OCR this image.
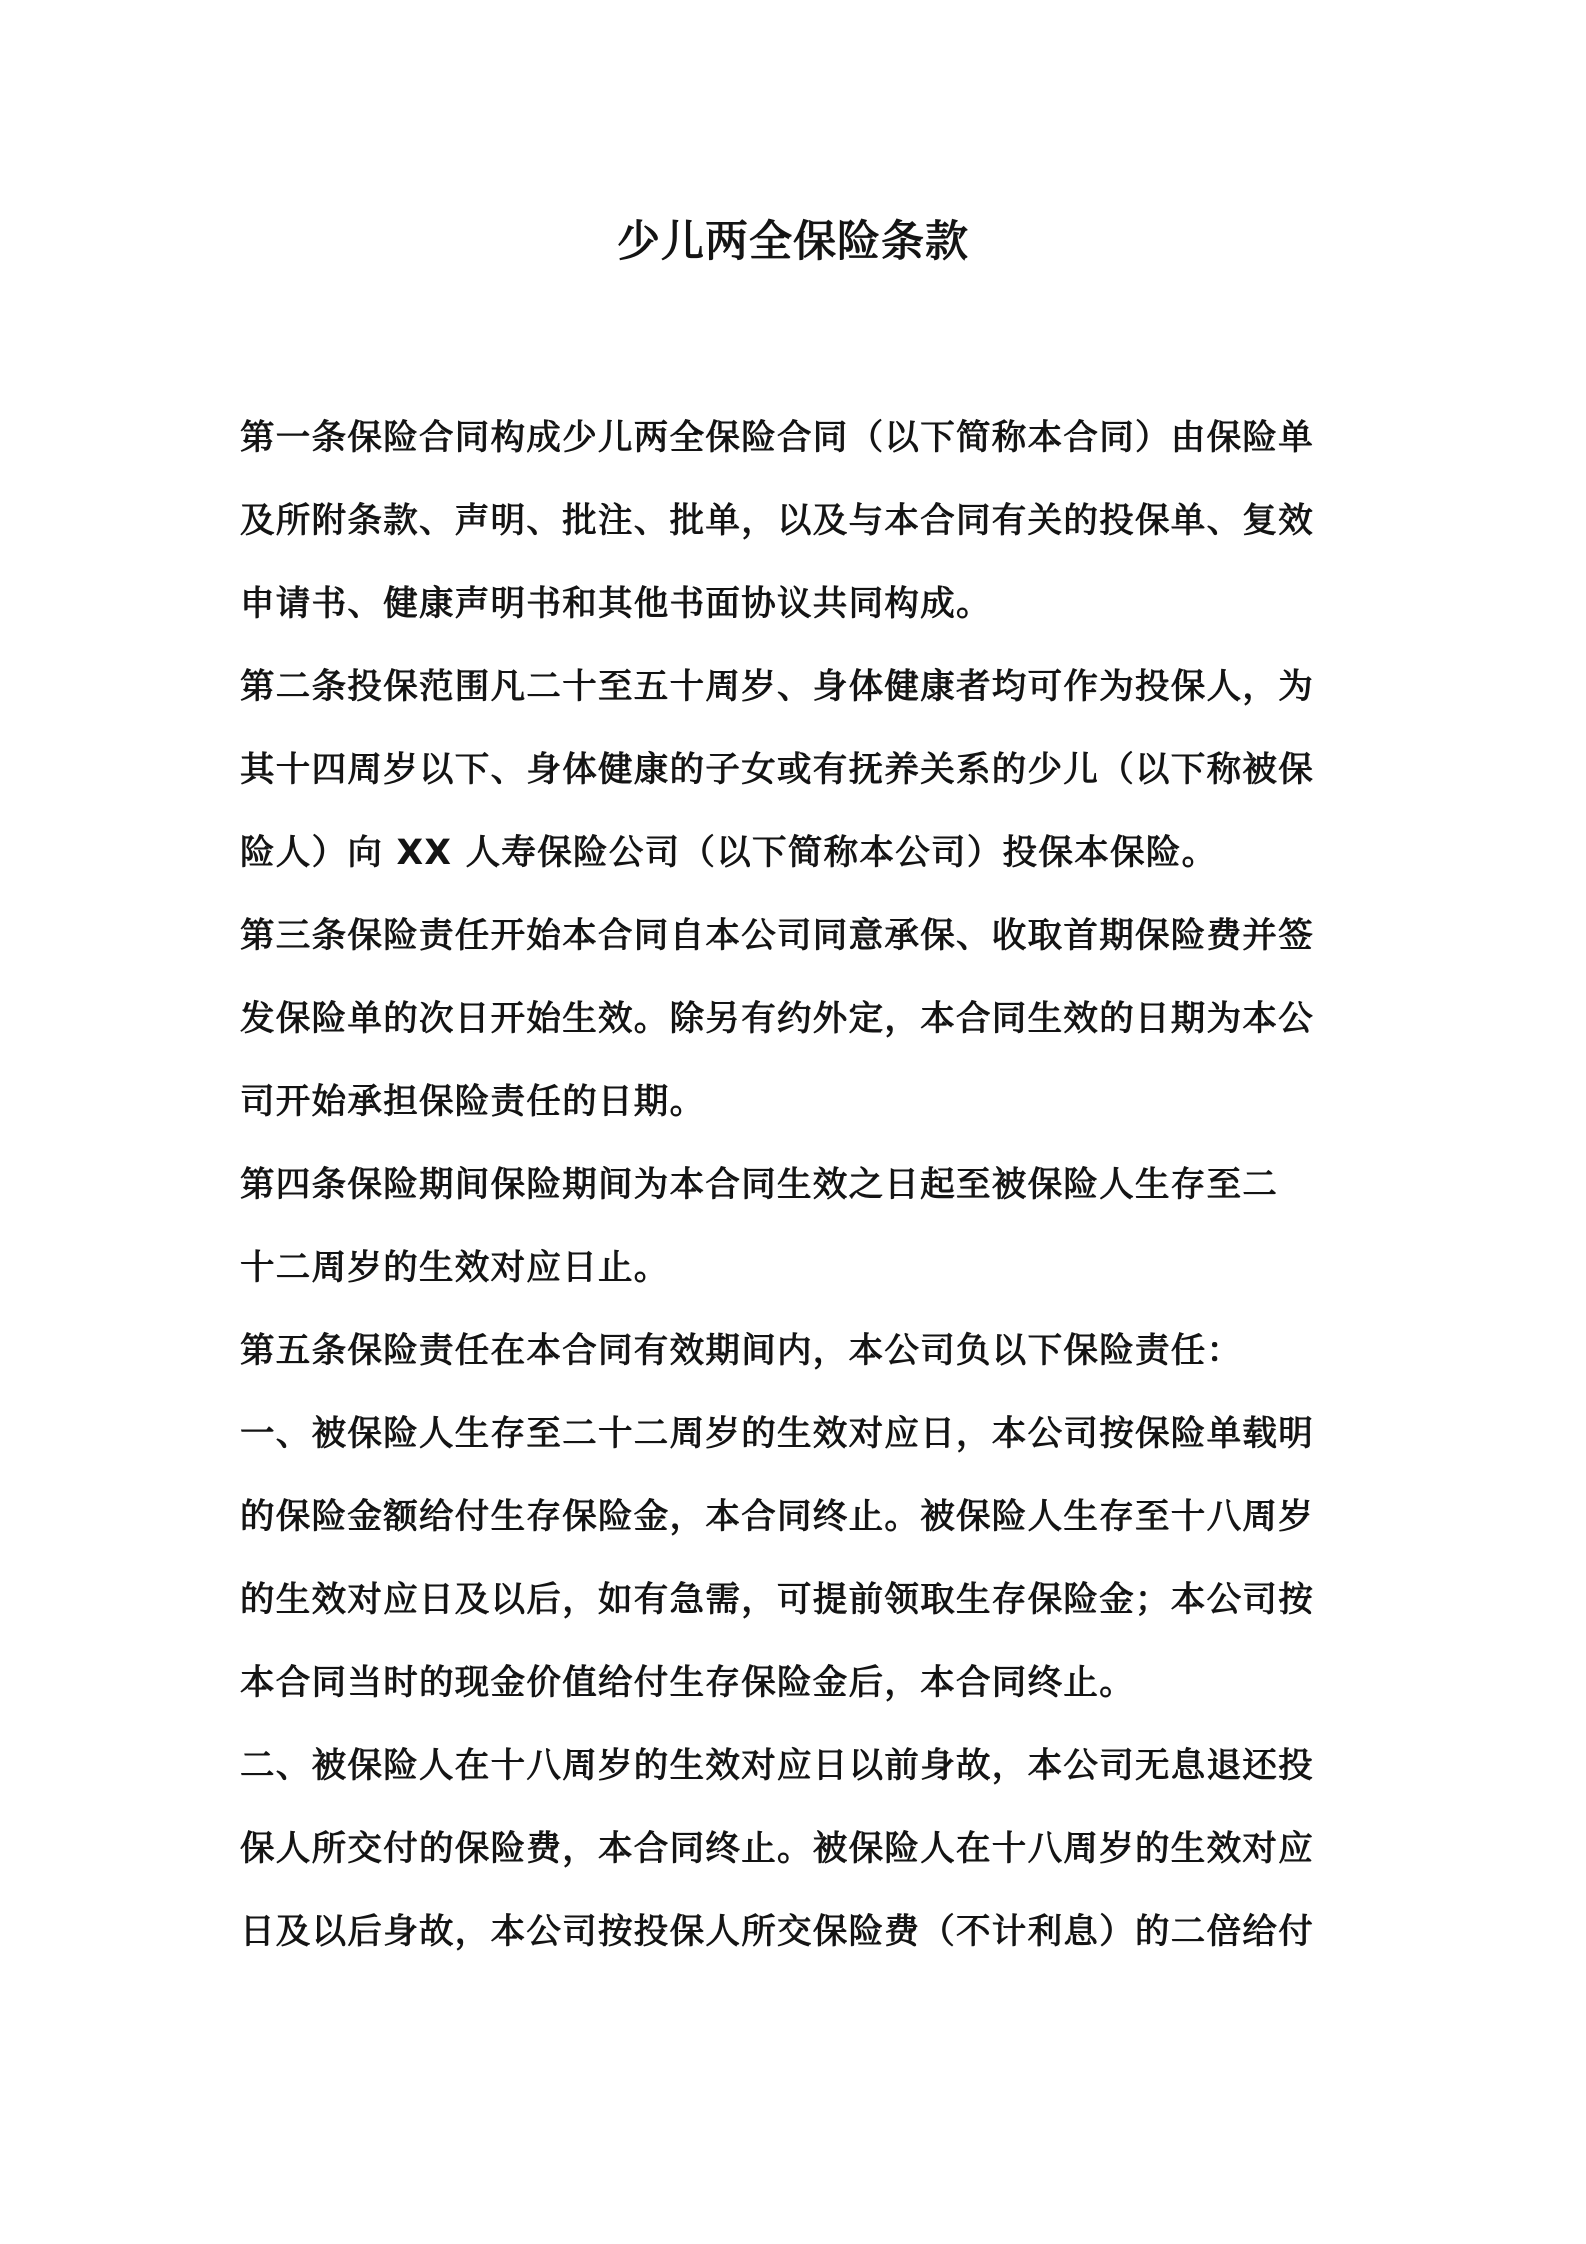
少儿两全保险条款

第一条保险合同构成少儿两全保险合同（以下简称本合同）由保险单

及所附条款、声明、批注、批单，以及与本合同有关的投保单、复效

申请书、健康声明书和其他书面协议共同构成。

第二条投保范围凡二十至五十周岁、身体健康者均可作为投保人，为

其十四周岁以下、身体健康的子女或有抚养关系的少儿（以下称被保

险人）向 XX 人寿保险公司（以下简称本公司）投保本保险。

第三条保险责任开始本合同自本公司同意承保、收取首期保险费并签

发保险单的次日开始生效。除另有约外定，本合同生效的日期为本公

司开始承担保险责任的日期。

第四条保险期间保险期间为本合同生效之日起至被保险人生存至二

十二周岁的生效对应日止。

第五条保险责任在本合同有效期间内，本公司负以下保险责任：

一、被保险人生存至二十二周岁的生效对应日，本公司按保险单载明

的保险金额给付生存保险金，本合同终止。被保险人生存至十八周岁

的生效对应日及以后，如有急需，可提前领取生存保险金；本公司按

本合同当时的现金价值给付生存保险金后，本合同终止。

二、被保险人在十八周岁的生效对应日以前身故，本公司无息退还投

保人所交付的保险费，本合同终止。被保险人在十八周岁的生效对应

日及以后身故，本公司按投保人所交保险费（不计利息）的二倍给付
